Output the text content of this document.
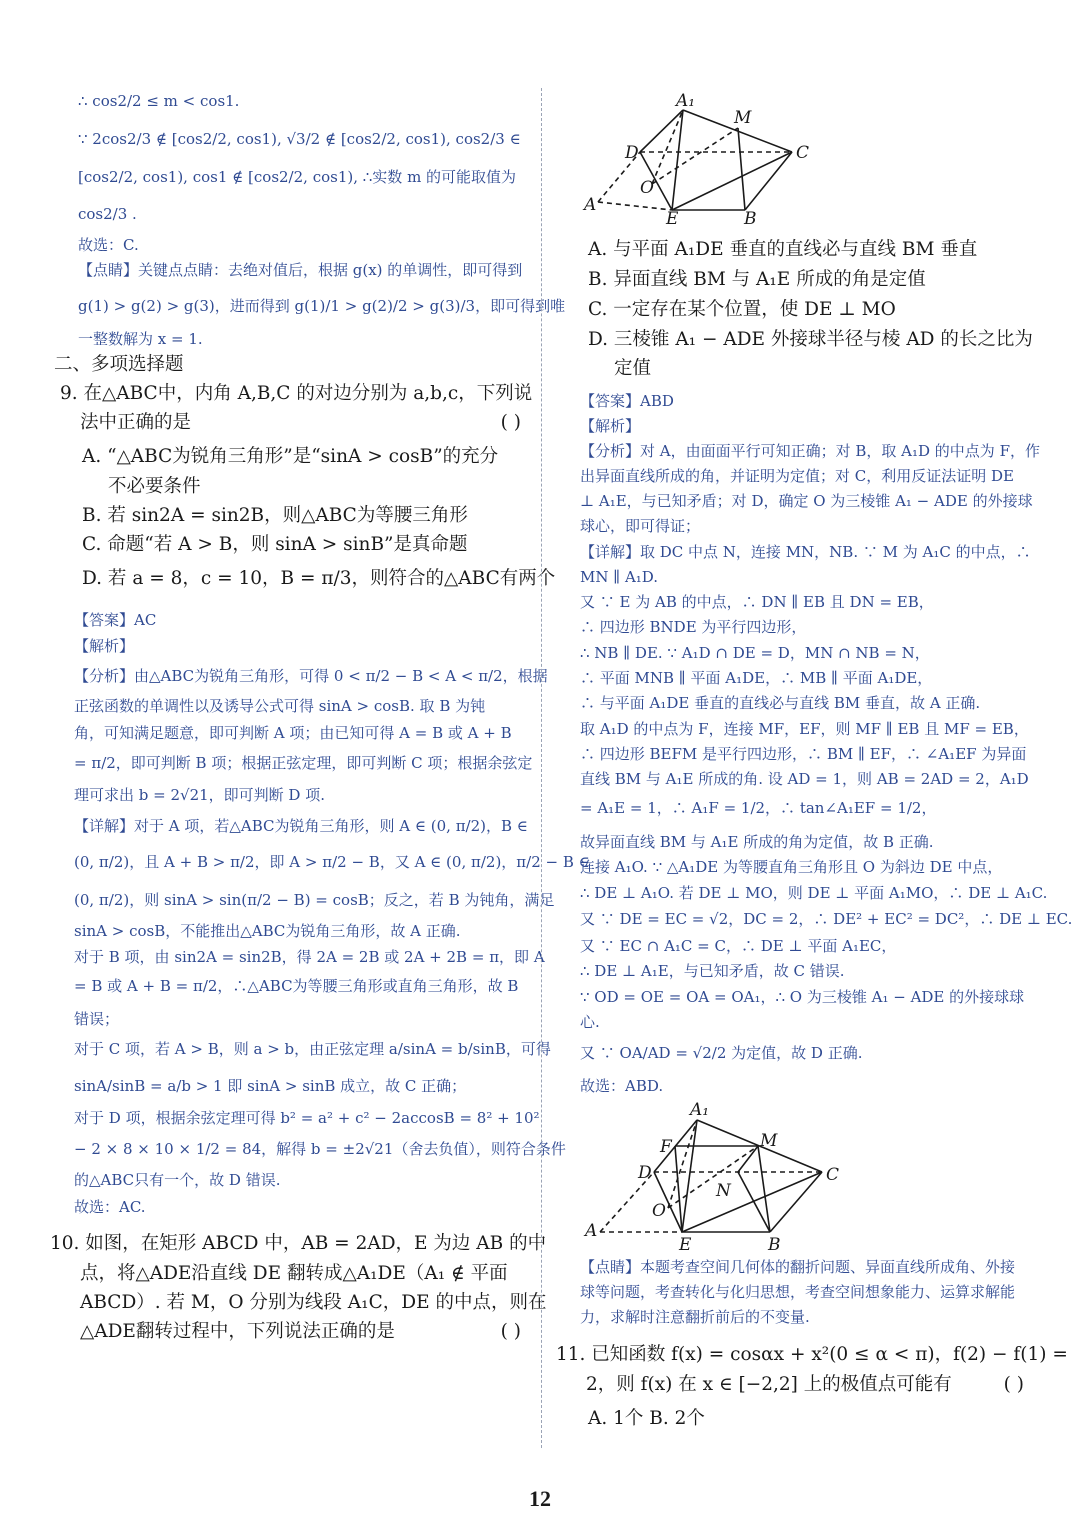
∴ cos2/2 ≤ m < cos1.
∵ 2cos2/3 ∉ [cos2/2, cos1), √3/2 ∉ [cos2/2, cos1), cos2/3 ∈
[cos2/2, cos1), cos1 ∉ [cos2/2, cos1), ∴实数 m 的可能取值为
cos2/3 .
故选：C.
【点睛】关键点点睛：去绝对值后，根据 g(x) 的单调性，即可得到
g(1) > g(2) > g(3)，进而得到 g(1)/1 > g(2)/2 > g(3)/3，即可得到唯
一整数解为 x = 1.
二、多项选择题
9. 在△ABC中，内角 A,B,C 的对边分别为 a,b,c，下列说
法中正确的是	( )
A. “△ABC为锐角三角形”是“sinA > cosB”的充分
不必要条件
B. 若 sin2A = sin2B，则△ABC为等腰三角形
C. 命题“若 A > B，则 sinA > sinB”是真命题
D. 若 a = 8，c = 10，B = π/3，则符合的△ABC有两个
【答案】AC
【解析】
【分析】由△ABC为锐角三角形，可得 0 < π/2 − B < A < π/2，根据
正弦函数的单调性以及诱导公式可得 sinA > cosB. 取 B 为钝
角，可知满足题意，即可判断 A 项；由已知可得 A = B 或 A + B
= π/2，即可判断 B 项；根据正弦定理，即可判断 C 项；根据余弦定
理可求出 b = 2√21，即可判断 D 项.
【详解】对于 A 项，若△ABC为锐角三角形，则 A ∈ (0, π/2)，B ∈
(0, π/2)，且 A + B > π/2，即 A > π/2 − B，又 A ∈ (0, π/2)，π/2 − B ∈
(0, π/2)，则 sinA > sin(π/2 − B) = cosB；反之，若 B 为钝角，满足
sinA > cosB，不能推出△ABC为锐角三角形，故 A 正确.
对于 B 项，由 sin2A = sin2B，得 2A = 2B 或 2A + 2B = π，即 A
= B 或 A + B = π/2，∴△ABC为等腰三角形或直角三角形，故 B
错误；
对于 C 项，若 A > B，则 a > b，由正弦定理 a/sinA = b/sinB，可得
sinA/sinB = a/b > 1 即 sinA > sinB 成立，故 C 正确；
对于 D 项，根据余弦定理可得 b² = a² + c² − 2accosB = 8² + 10²
− 2 × 8 × 10 × 1/2 = 84，解得 b = ±2√21（舍去负值），则符合条件
的△ABC只有一个，故 D 错误.
故选：AC.
10. 如图，在矩形 ABCD 中，AB = 2AD，E 为边 AB 的中
点，将△ADE沿直线 DE 翻转成△A₁DE（A₁ ∉ 平面
ABCD）. 若 M，O 分别为线段 A₁C，DE 的中点，则在
△ADE翻转过程中，下列说法正确的是	( )
A. 与平面 A₁DE 垂直的直线必与直线 BM 垂直
B. 异面直线 BM 与 A₁E 所成的角是定值
C. 一定存在某个位置，使 DE ⊥ MO
D. 三棱锥 A₁ − ADE 外接球半径与棱 AD 的长之比为
定值
【答案】ABD
【解析】
【分析】对 A，由面面平行可知正确；对 B，取 A₁D 的中点为 F，作
出异面直线所成的角，并证明为定值；对 C，利用反证法证明 DE
⊥ A₁E，与已知矛盾；对 D，确定 O 为三棱锥 A₁ − ADE 的外接球
球心，即可得证；
【详解】取 DC 中点 N，连接 MN，NB. ∵ M 为 A₁C 的中点，∴
MN ∥ A₁D.
又 ∵ E 为 AB 的中点，∴ DN ∥ EB 且 DN = EB，
∴ 四边形 BNDE 为平行四边形，
∴ NB ∥ DE. ∵ A₁D ∩ DE = D，MN ∩ NB = N，
∴ 平面 MNB ∥ 平面 A₁DE，∴ MB ∥ 平面 A₁DE，
∴ 与平面 A₁DE 垂直的直线必与直线 BM 垂直，故 A 正确.
取 A₁D 的中点为 F，连接 MF，EF，则 MF ∥ EB 且 MF = EB，
∴ 四边形 BEFM 是平行四边形，∴ BM ∥ EF，∴ ∠A₁EF 为异面
直线 BM 与 A₁E 所成的角. 设 AD = 1，则 AB = 2AD = 2，A₁D
= A₁E = 1，∴ A₁F = 1/2，∴ tan∠A₁EF = 1/2，
故异面直线 BM 与 A₁E 所成的角为定值，故 B 正确.
连接 A₁O. ∵ △A₁DE 为等腰直角三角形且 O 为斜边 DE 中点，
∴ DE ⊥ A₁O. 若 DE ⊥ MO，则 DE ⊥ 平面 A₁MO，∴ DE ⊥ A₁C.
又 ∵ DE = EC = √2，DC = 2，∴ DE² + EC² = DC²，∴ DE ⊥ EC.
又 ∵ EC ∩ A₁C = C，∴ DE ⊥ 平面 A₁EC，
∴ DE ⊥ A₁E，与已知矛盾，故 C 错误.
∵ OD = OE = OA = OA₁，∴ O 为三棱锥 A₁ − ADE 的外接球球
心.
又 ∵ OA/AD = √2/2 为定值，故 D 正确.
故选：ABD.
【点睛】本题考查空间几何体的翻折问题、异面直线所成角、外接
球等问题，考查转化与化归思想，考查空间想象能力、运算求解能
力，求解时注意翻折前后的不变量.
11. 已知函数 f(x) = cosαx + x²(0 ≤ α < π)，f(2) − f(1) =
2，则 f(x) 在 x ∈ [−2,2] 上的极值点可能有	( )
A. 1个 B. 2个
A₁
M
D	C
O
A
E	B
A₁
F	M
D
N
C
O
A
E	B
12
